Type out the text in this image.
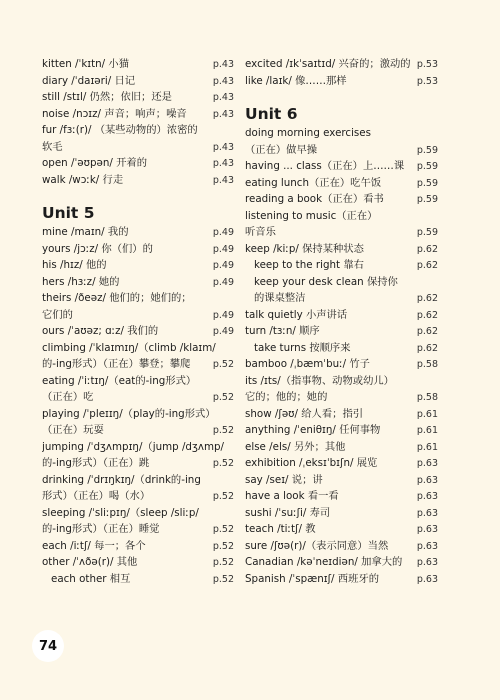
kitten /ˈkɪtn/ 小猫	p.43
diary /ˈdaɪəri/ 日记	p.43
still /stɪl/ 仍然；依旧；还是	p.43
noise /nɔɪz/ 声音；响声；噪音	p.43
fur /fɜː(r)/ （某些动物的）浓密的
软毛	p.43
open /ˈəʊpən/ 开着的	p.43
walk /wɔːk/ 行走	p.43
Unit 5
mine /maɪn/ 我的	p.49
yours /jɔːz/ 你（们）的	p.49
his /hɪz/ 他的	p.49
hers /hɜːz/ 她的	p.49
theirs /ðeəz/ 他们的；她们的；
它们的	p.49
ours /ˈaʊəz; ɑːz/ 我们的	p.49
climbing /ˈklaɪmɪŋ/（climb /klaɪm/
的-ing形式）（正在）攀登；攀爬	p.52
eating /ˈiːtɪŋ/（eat的-ing形式）
（正在）吃	p.52
playing /ˈpleɪɪŋ/（play的-ing形式）
（正在）玩耍	p.52
jumping /ˈdʒʌmpɪŋ/（jump /dʒʌmp/
的-ing形式）（正在）跳	p.52
drinking /ˈdrɪŋkɪŋ/（drink的-ing
形式）（正在）喝（水）	p.52
sleeping /ˈsliːpɪŋ/（sleep /sliːp/
的-ing形式）（正在）睡觉	p.52
each /iːtʃ/ 每一；各个	p.52
other /ˈʌðə(r)/ 其他	p.52
each other 相互	p.52
excited /ɪkˈsaɪtɪd/ 兴奋的；激动的 p.53
like /laɪk/ 像……那样	p.53
Unit 6
doing morning exercises
（正在）做早操	p.59
having ... class（正在）上……课	p.59
eating lunch（正在）吃午饭	p.59
reading a book（正在）看书	p.59
listening to music（正在）
听音乐	p.59
keep /kiːp/ 保持某种状态	p.62
keep to the right 靠右	p.62
keep your desk clean 保持你
的课桌整洁	p.62
talk quietly 小声讲话	p.62
turn /tɜːn/ 顺序	p.62
take turns 按顺序来	p.62
bamboo /ˌbæmˈbuː/ 竹子	p.58
its /ɪts/（指事物、动物或幼儿）
它的；他的；她的	p.58
show /ʃəʊ/ 给人看；指引	p.61
anything /ˈeniθɪŋ/ 任何事物	p.61
else /els/ 另外；其他	p.61
exhibition /ˌeksɪˈbɪʃn/ 展览	p.63
say /seɪ/ 说；讲	p.63
have a look 看一看	p.63
sushi /ˈsuːʃi/ 寿司	p.63
teach /tiːtʃ/ 教	p.63
sure /ʃʊə(r)/（表示同意）当然	p.63
Canadian /kəˈneɪdiən/ 加拿大的	p.63
Spanish /ˈspænɪʃ/ 西班牙的	p.63
74
